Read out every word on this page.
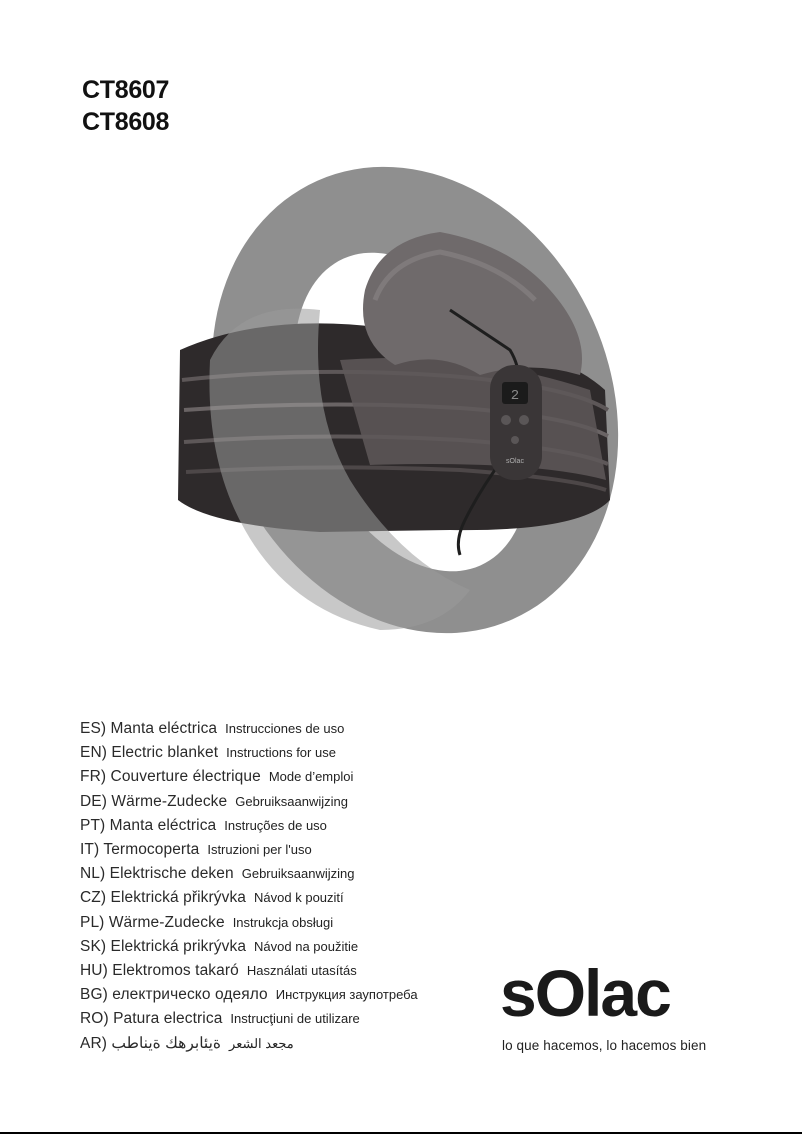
CT8607
CT8608
2
sOlac
ES) Manta eléctrica Instrucciones de uso
EN) Electric blanket Instructions for use
FR) Couverture électrique Mode d’emploi
DE) Wärme-Zudecke Gebruiksaanwijzing
PT) Manta eléctrica Instruções de uso
IT) Termocoperta Istruzioni per l'uso
NL) Elektrische deken Gebruiksaanwijzing
CZ) Elektrická přikrývka Návod k pouzití
PL) Wärme-Zudecke Instrukcja obsługi
SK) Elektrická prikrývka Návod na použitie
HU) Elektromos takaró Használati utasítás
BG) електрическо одеяло Инструкция заупотреба
RO) Patura electrica Instrucţiuni de utilizare
AR) ةيئابرهك ةيناطب مجعد الشعر
sOlac
lo que hacemos, lo hacemos bien
